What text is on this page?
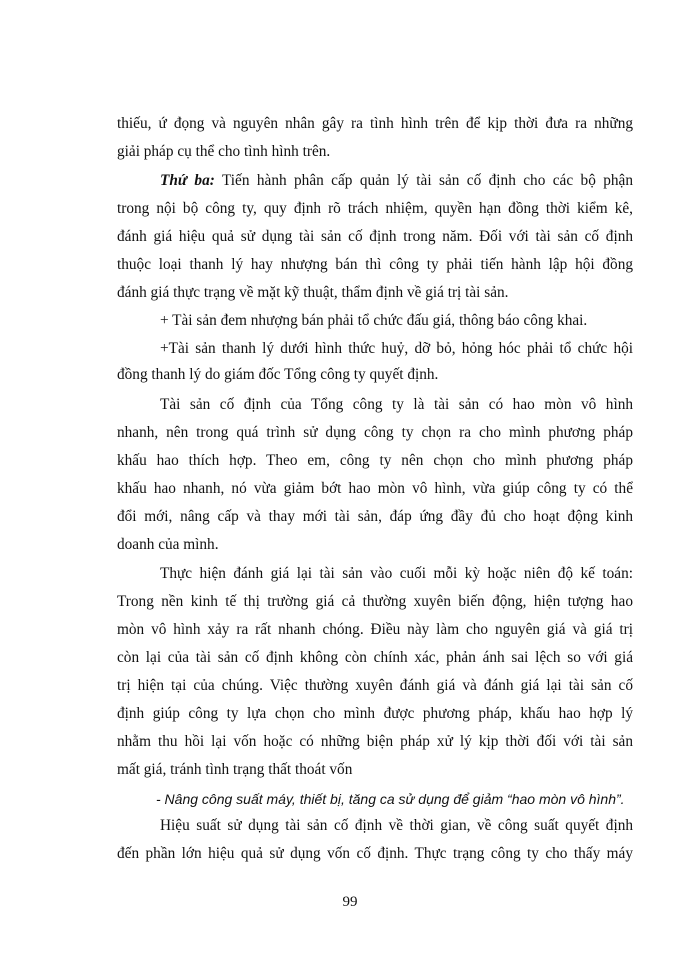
thiếu, ứ đọng và nguyên nhân gây ra tình hình trên để kịp thời đưa ra những
giải pháp cụ thể cho tình hình trên.
Thứ ba: Tiến hành phân cấp quản lý tài sản cố định cho các bộ phận
trong nội bộ công ty, quy định rõ trách nhiệm, quyền hạn đồng thời kiểm kê,
đánh giá hiệu quả sử dụng tài sản cố định trong năm. Đối với tài sản cố định
thuộc loại thanh lý hay nhượng bán thì công ty phải tiến hành lập hội đồng
đánh giá thực trạng về mặt kỹ thuật, thẩm định về giá trị tài sản.
+ Tài sản đem nhượng bán phải tổ chức đấu giá, thông báo công khai.
+Tài sản thanh lý dưới hình thức huỷ, dỡ bỏ, hỏng hóc phải tổ chức hội
đồng thanh lý do giám đốc Tổng công ty quyết định.
Tài sản cố định của Tổng công ty là tài sản có hao mòn vô hình
nhanh, nên trong quá trình sử dụng công ty chọn ra cho mình phương pháp
khấu hao thích hợp. Theo em, công ty nên chọn cho mình phương pháp
khấu hao nhanh, nó vừa giảm bớt hao mòn vô hình, vừa giúp công ty có thể
đổi mới, nâng cấp và thay mới tài sản, đáp ứng đầy đủ cho hoạt động kinh
doanh của mình.
Thực hiện đánh giá lại tài sản vào cuối mỗi kỳ hoặc niên độ kế toán:
Trong nền kinh tế thị trường giá cả thường xuyên biến động, hiện tượng hao
mòn vô hình xảy ra rất nhanh chóng. Điều này làm cho nguyên giá và giá trị
còn lại của tài sản cố định không còn chính xác, phản ánh sai lệch so với giá
trị hiện tại của chúng. Việc thường xuyên đánh giá và đánh giá lại tài sản cố
định giúp công ty lựa chọn cho mình được phương pháp, khấu hao hợp lý
nhằm thu hồi lại vốn hoặc có những biện pháp xử lý kịp thời đối với tài sản
mất giá, tránh tình trạng thất thoát vốn
- Nâng công suất máy, thiết bị, tăng ca sử dụng để giảm “hao mòn vô hình”.
Hiệu suất sử dụng tài sản cố định về thời gian, về công suất quyết định
đến phần lớn hiệu quả sử dụng vốn cố định. Thực trạng công ty cho thấy máy
99
